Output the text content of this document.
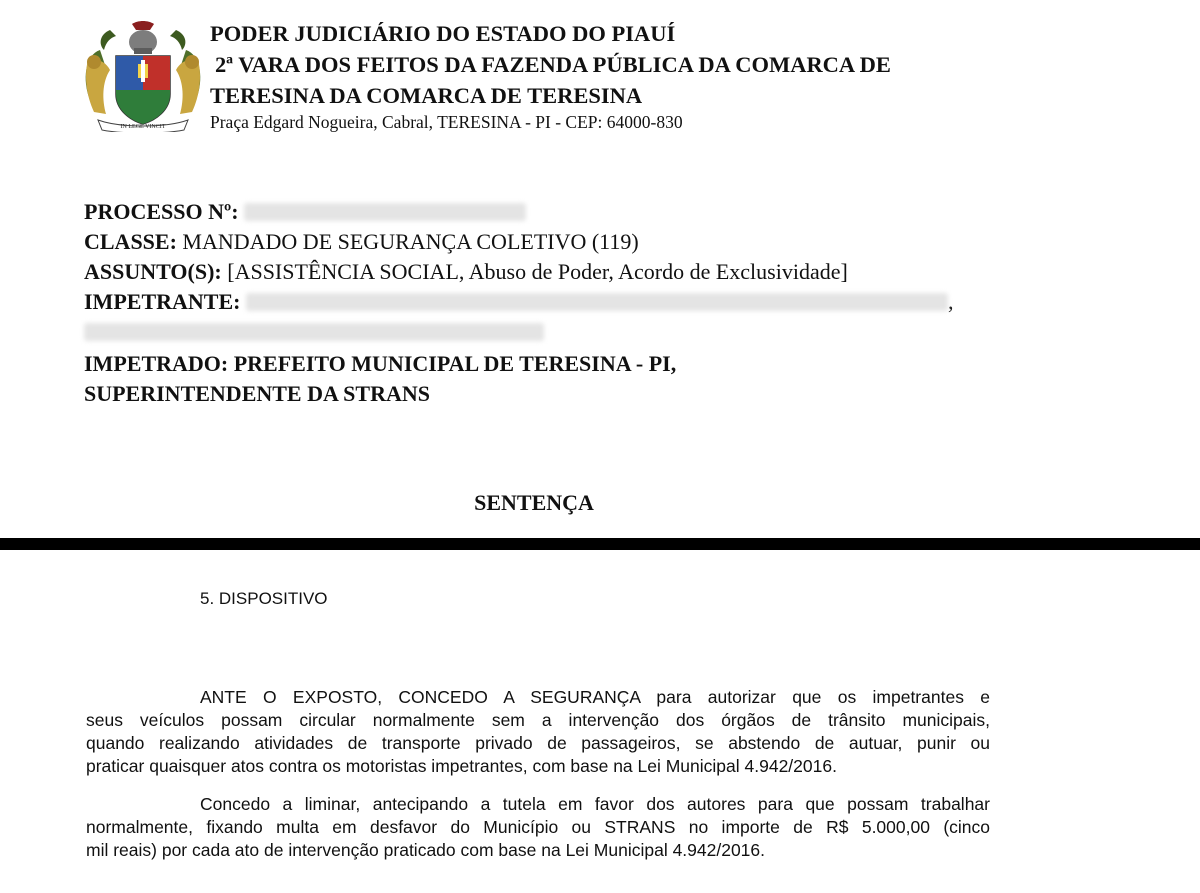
IN LEGE VINCIT
PODER JUDICIÁRIO DO ESTADO DO PIAUÍ
2ª VARA DOS FEITOS DA FAZENDA PÚBLICA DA COMARCA DE
TERESINA DA COMARCA DE TERESINA
Praça Edgard Nogueira, Cabral, TERESINA - PI - CEP: 64000-830
PROCESSO Nº:
CLASSE: MANDADO DE SEGURANÇA COLETIVO (119)
ASSUNTO(S): [ASSISTÊNCIA SOCIAL, Abuso de Poder, Acordo de Exclusividade]
IMPETRANTE:	,
IMPETRADO: PREFEITO MUNICIPAL DE TERESINA - PI,
SUPERINTENDENTE DA STRANS
SENTENÇA
5. DISPOSITIVO
ANTE O EXPOSTO, CONCEDO A SEGURANÇA para autorizar que os impetrantes e
seus veículos possam circular normalmente sem a intervenção dos órgãos de trânsito municipais,
quando realizando atividades de transporte privado de passageiros, se abstendo de autuar, punir ou
praticar quaisquer atos contra os motoristas impetrantes, com base na Lei Municipal 4.942/2016.
Concedo a liminar, antecipando a tutela em favor dos autores para que possam trabalhar
normalmente, fixando multa em desfavor do Município ou STRANS no importe de R$ 5.000,00 (cinco
mil reais) por cada ato de intervenção praticado com base na Lei Municipal 4.942/2016.
